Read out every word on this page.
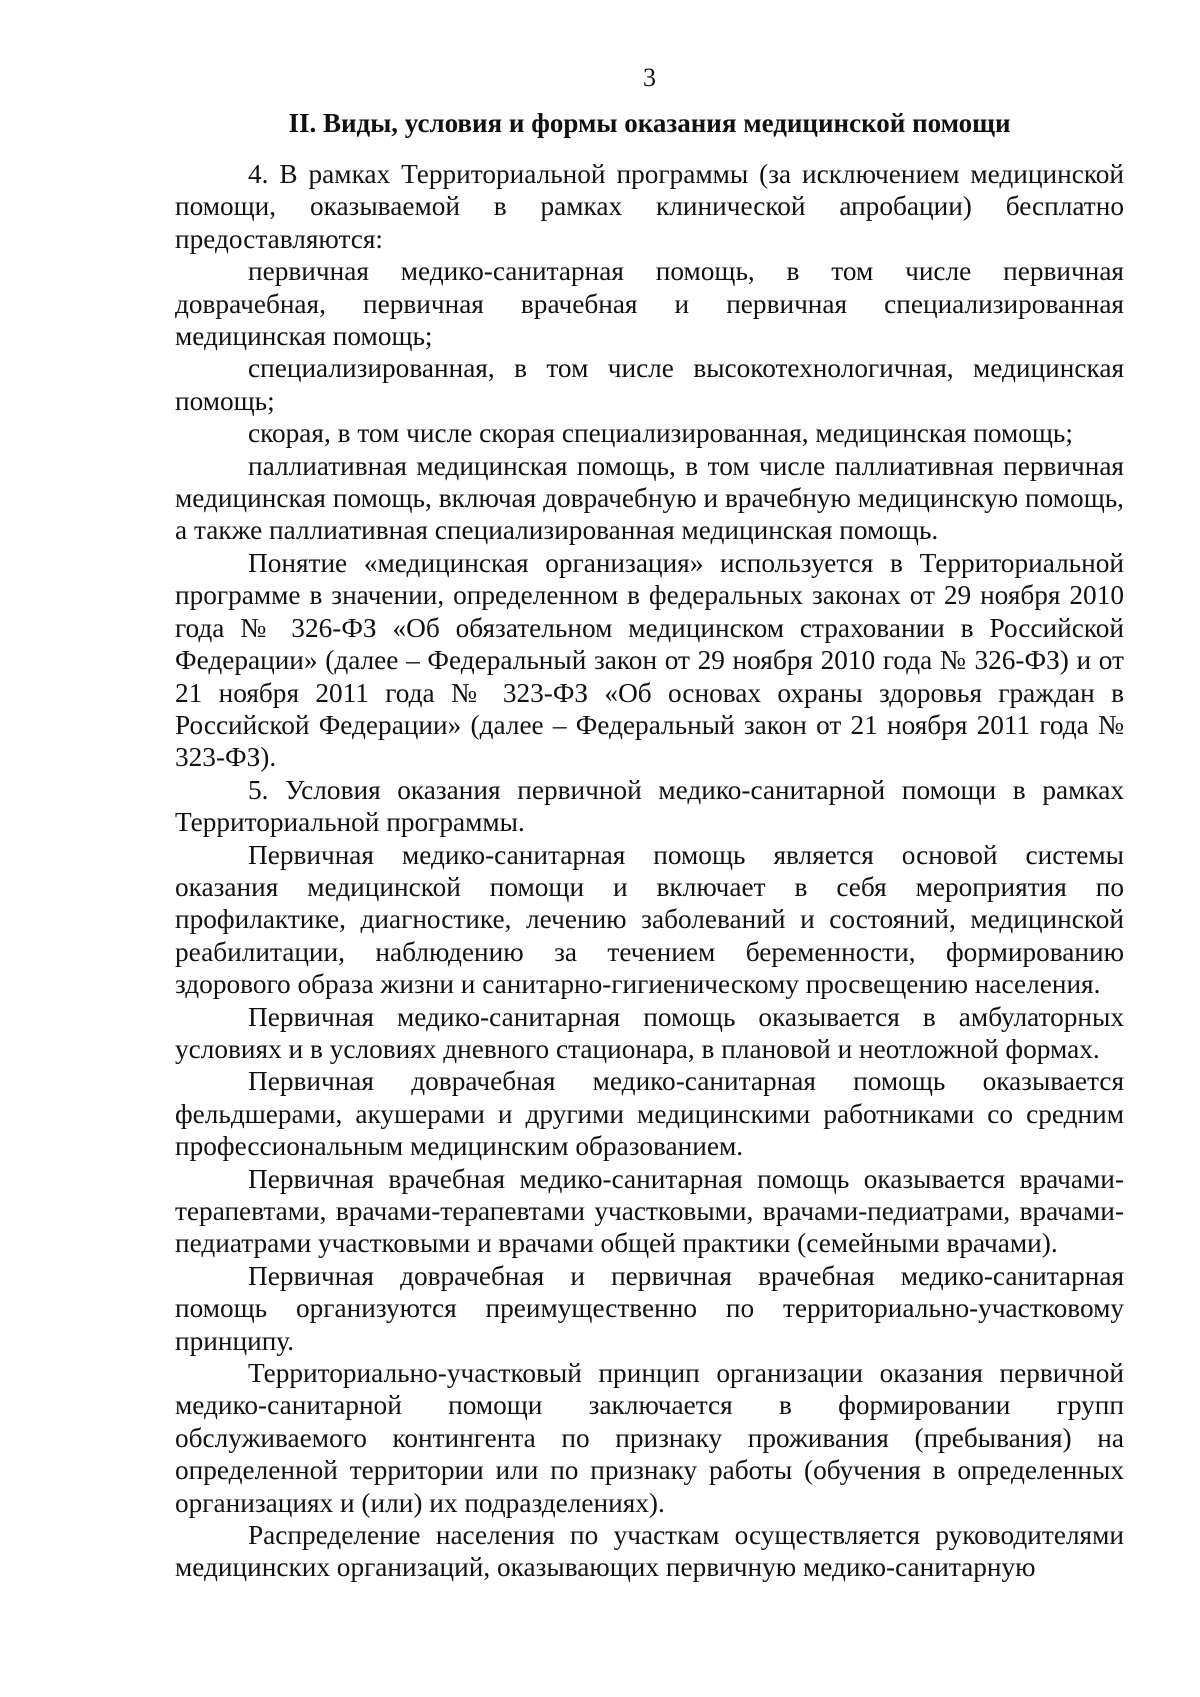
3
II. Виды, условия и формы оказания медицинской помощи

4. В рамках Территориальной программы (за исключением медицинской помощи, оказываемой в рамках клинической апробации) бесплатно предоставляются:

первичная медико-санитарная помощь, в том числе первичная доврачебная, первичная врачебная и первичная специализированная медицинская помощь;

специализированная, в том числе высокотехнологичная, медицинская помощь;

скорая, в том числе скорая специализированная, медицинская помощь;

паллиативная медицинская помощь, в том числе паллиативная первичная медицинская помощь, включая доврачебную и врачебную медицинскую помощь, а также паллиативная специализированная медицинская помощь.

Понятие «медицинская организация» используется в Территориальной программе в значении, определенном в федеральных законах от 29 ноября 2010 года № 326-ФЗ «Об обязательном медицинском страховании в Российской Федерации» (далее – Федеральный закон от 29 ноября 2010 года № 326-ФЗ) и от 21 ноября 2011 года № 323-ФЗ «Об основах охраны здоровья граждан в Российской Федерации» (далее – Федеральный закон от 21 ноября 2011 года № 323-ФЗ).

5. Условия оказания первичной медико-санитарной помощи в рамках Территориальной программы.

Первичная медико-санитарная помощь является основой системы оказания медицинской помощи и включает в себя мероприятия по профилактике, диагностике, лечению заболеваний и состояний, медицинской реабилитации, наблюдению за течением беременности, формированию здорового образа жизни и санитарно-гигиеническому просвещению населения.

Первичная медико-санитарная помощь оказывается в амбулаторных условиях и в условиях дневного стационара, в плановой и неотложной формах.

Первичная доврачебная медико-санитарная помощь оказывается фельдшерами, акушерами и другими медицинскими работниками со средним профессиональным медицинским образованием.

Первичная врачебная медико-санитарная помощь оказывается врачами-терапевтами, врачами-терапевтами участковыми, врачами-педиатрами, врачами-педиатрами участковыми и врачами общей практики (семейными врачами).

Первичная доврачебная и первичная врачебная медико-санитарная помощь организуются преимущественно по территориально-участковому принципу.

Территориально-участковый принцип организации оказания первичной медико-санитарной помощи заключается в формировании групп обслуживаемого контингента по признаку проживания (пребывания) на определенной территории или по признаку работы (обучения в определенных организациях и (или) их подразделениях).

Распределение населения по участкам осуществляется руководителями медицинских организаций, оказывающих первичную медико-санитарную
